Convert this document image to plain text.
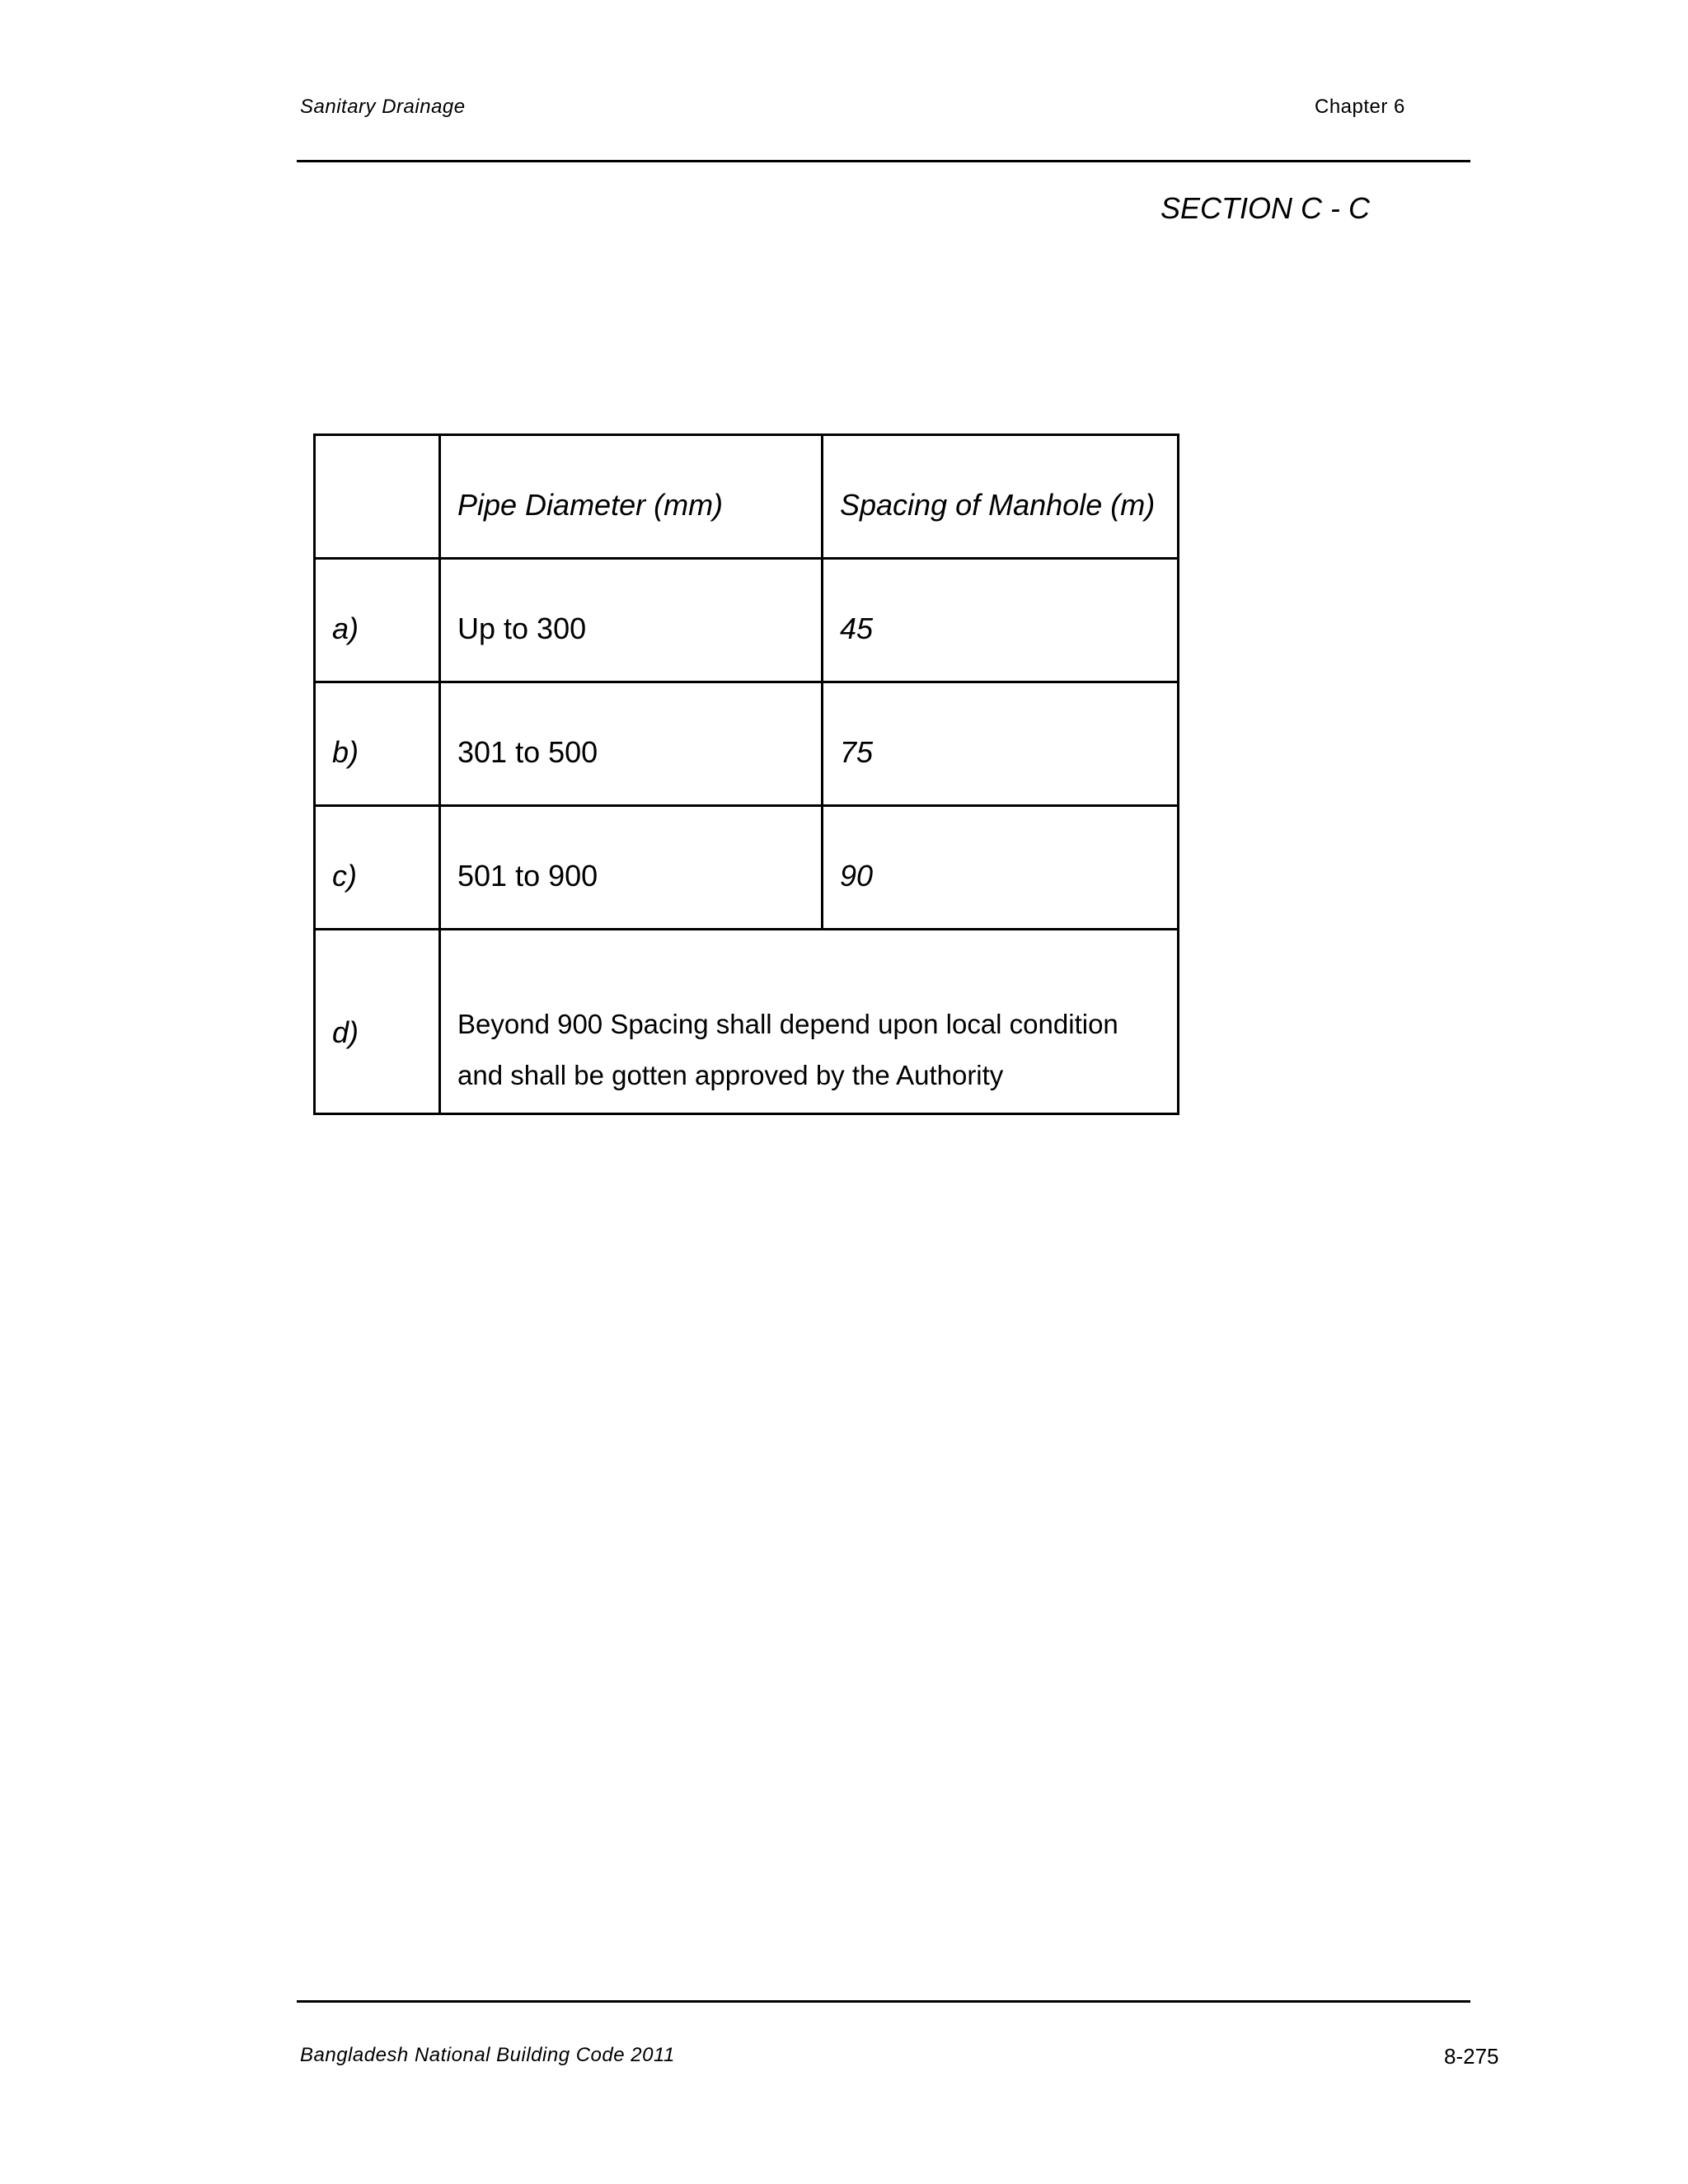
Sanitary Drainage	Chapter 6
SECTION C - C
	Pipe Diameter (mm)	Spacing of Manhole (m)
a)	Up to 300	45
b)	301 to 500	75
c)	501 to 900	90
d)	Beyond 900 Spacing shall depend upon local condition
and shall be gotten approved by the Authority	
Bangladesh National Building Code 2011	8-275
